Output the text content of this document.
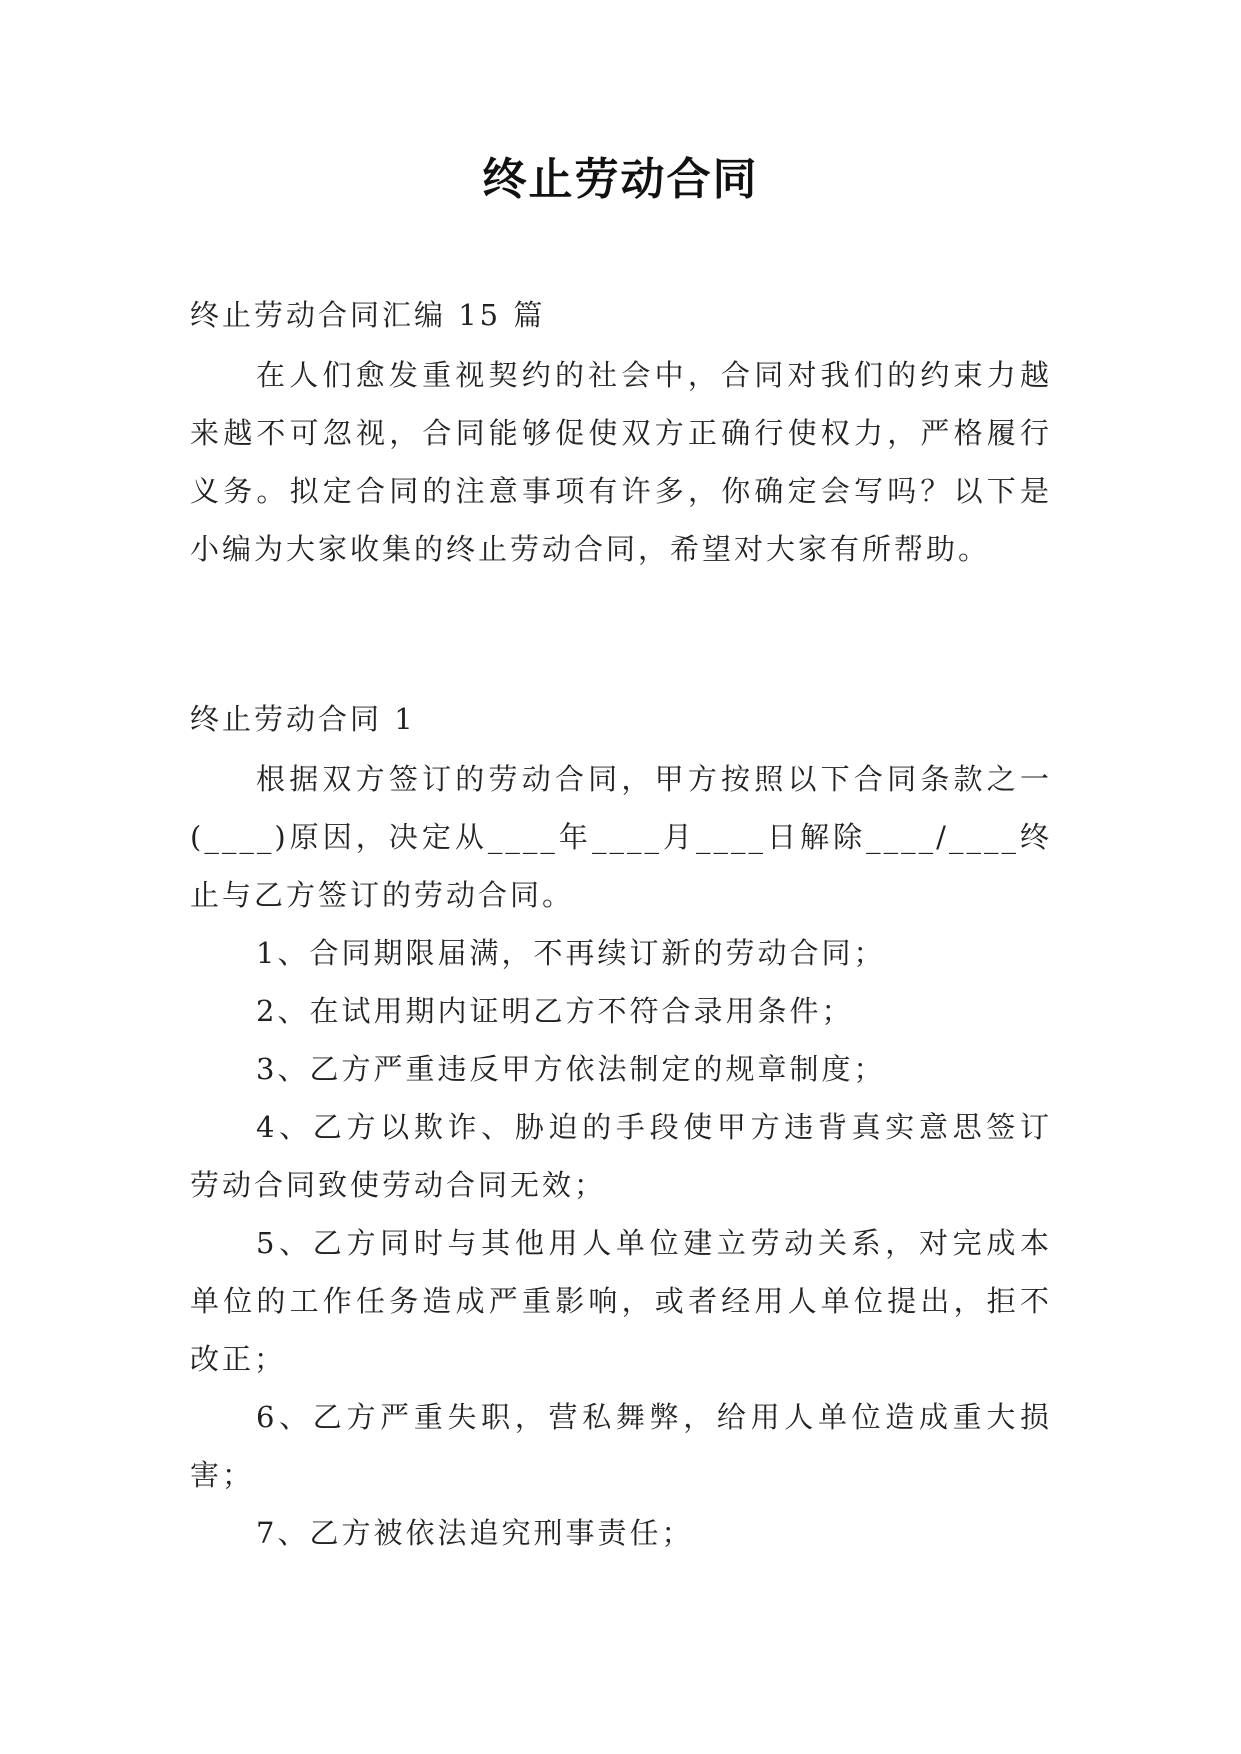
终止劳动合同

终止劳动合同汇编 15 篇

在人们愈发重视契约的社会中，合同对我们的约束力越
来越不可忽视，合同能够促使双方正确行使权力，严格履行
义务。拟定合同的注意事项有许多，你确定会写吗？以下是
小编为大家收集的终止劳动合同，希望对大家有所帮助。

终止劳动合同 1

根据双方签订的劳动合同，甲方按照以下合同条款之一
(____)原因，决定从____年____月____日解除____/____终
止与乙方签订的劳动合同。
1、合同期限届满，不再续订新的劳动合同；
2、在试用期内证明乙方不符合录用条件；
3、乙方严重违反甲方依法制定的规章制度；
4、乙方以欺诈、胁迫的手段使甲方违背真实意思签订
劳动合同致使劳动合同无效；
5、乙方同时与其他用人单位建立劳动关系，对完成本
单位的工作任务造成严重影响，或者经用人单位提出，拒不
改正；
6、乙方严重失职，营私舞弊，给用人单位造成重大损
害；
7、乙方被依法追究刑事责任；
